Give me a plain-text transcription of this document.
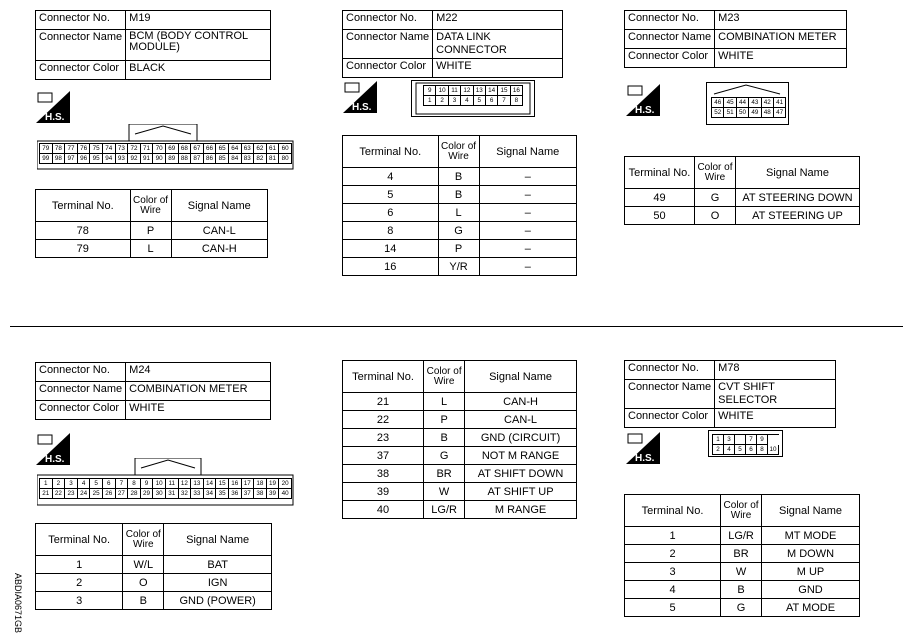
Connector No.	M19
Connector Name	BCM (BODY CONTROL MODULE)
Connector Color	BLACK
H.S.
79 78 77 76 75 74 73 72 71 70 69 68 67 66 65 64 63 62 61 60
99 98 97 96 95 94 93 92 91 90 89 88 87 86 85 84 83 82 81 80
Terminal No.	Color of Wire	Signal Name
78	P	CAN-L
79	L	CAN-H
Connector No.	M22
Connector Name	DATA LINK CONNECTOR
Connector Color	WHITE
H.S.
9	10 11 12 13 14 15 16
1	2	3	4	5	6	7	8
Terminal No.	Color of Wire	Signal Name
4	B	–
5	B	–
6	L	–
8	G	–
14	P	–
16	Y/R	–
Connector No.	M23
Connector Name	COMBINATION METER
Connector Color	WHITE
H.S.
46 45 44 43 42 41
52 51 50 49 48 47
Terminal No.	Color of Wire	Signal Name
49	G	AT STEERING DOWN
50	O	AT STEERING UP
Connector No.	M24
Connector Name	COMBINATION METER
Connector Color	WHITE
H.S.
1	2	3	4	5	6	7	8	9	10 11 12 13 14 15 16 17 18 19 20
21 22 23 24 25 26 27 28 29 30 31 32 33 34 35 36 37 38 39 40
Terminal No.	Color of Wire	Signal Name
1	W/L	BAT
2	O	IGN
3	B	GND (POWER)
Terminal No.	Color of Wire	Signal Name
21	L	CAN-H
22	P	CAN-L
23	B	GND (CIRCUIT)
37	G	NOT M RANGE
38	BR	AT SHIFT DOWN
39	W	AT SHIFT UP
40	LG/R	M RANGE
Connector No.	M78
Connector Name	CVT SHIFT SELECTOR
Connector Color	WHITE
H.S.
1	3	7	9
2	4	5	6	8 10
Terminal No.	Color of Wire	Signal Name
1	LG/R	MT MODE
2	BR	M DOWN
3	W	M UP
4	B	GND
5	G	AT MODE
ABDIA0671GB
